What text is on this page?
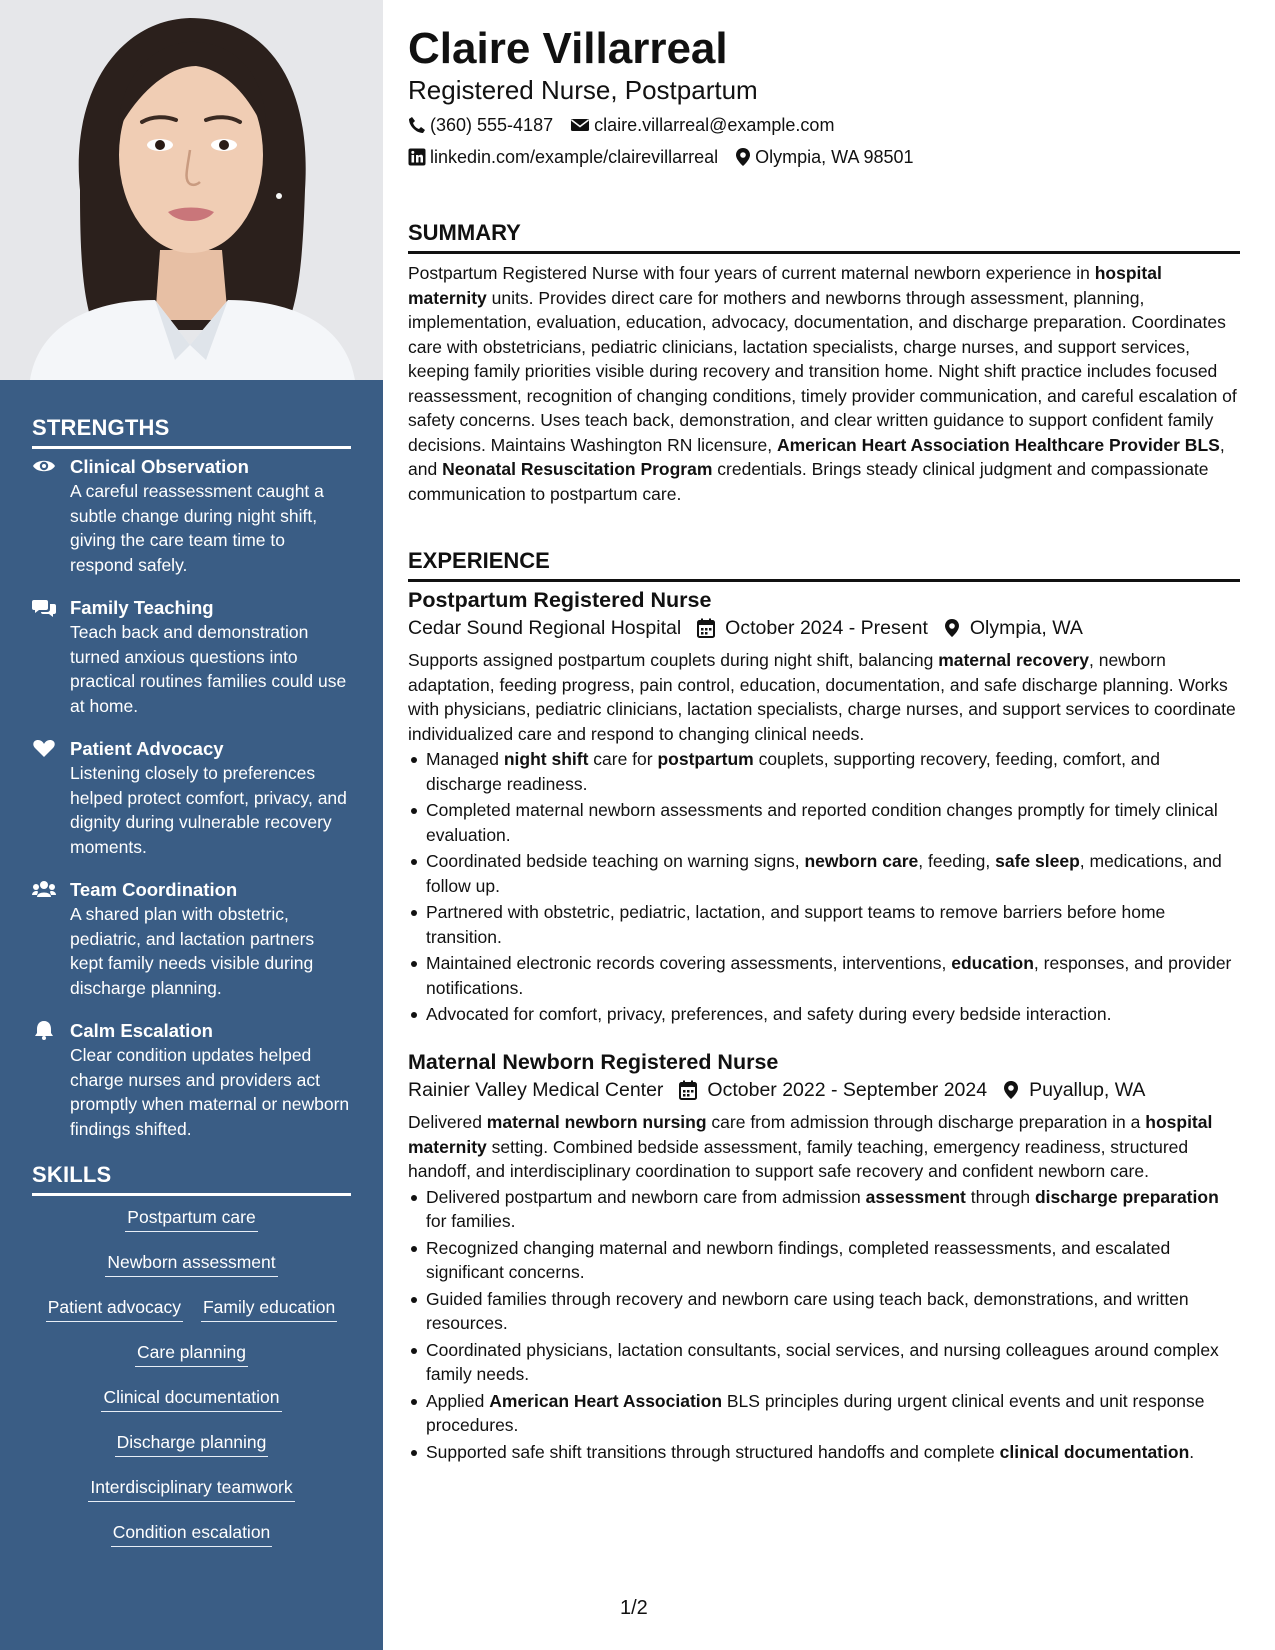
STRENGTHS
Clinical Observation
A careful reassessment caught a subtle change during night shift, giving the care team time to respond safely.
Family Teaching
Teach back and demonstration turned anxious questions into practical routines families could use at home.
Patient Advocacy
Listening closely to preferences helped protect comfort, privacy, and dignity during vulnerable recovery moments.
Team Coordination
A shared plan with obstetric, pediatric, and lactation partners kept family needs visible during discharge planning.
Calm Escalation
Clear condition updates helped charge nurses and providers act promptly when maternal or newborn findings shifted.
SKILLS
Postpartum care
Newborn assessment
Patient advocacy Family education
Care planning
Clinical documentation
Discharge planning
Interdisciplinary teamwork
Condition escalation
Claire Villarreal
Registered Nurse, Postpartum
(360) 555-4187 claire.villarreal@example.com
linkedin.com/example/clairevillarreal Olympia, WA 98501
SUMMARY

Postpartum Registered Nurse with four years of current maternal newborn experience in hospital maternity units. Provides direct care for mothers and newborns through assessment, planning, implementation, evaluation, education, advocacy, documentation, and discharge preparation. Coordinates care with obstetricians, pediatric clinicians, lactation specialists, charge nurses, and support services, keeping family priorities visible during recovery and transition home. Night shift practice includes focused reassessment, recognition of changing conditions, timely provider communication, and careful escalation of safety concerns. Uses teach back, demonstration, and clear written guidance to support confident family decisions. Maintains Washington RN licensure, American Heart Association Healthcare Provider BLS, and Neonatal Resuscitation Program credentials. Brings steady clinical judgment and compassionate communication to postpartum care.

EXPERIENCE
Postpartum Registered Nurse
Cedar Sound Regional Hospital October 2024 - Present Olympia, WA

Supports assigned postpartum couplets during night shift, balancing maternal recovery, newborn adaptation, feeding progress, pain control, education, documentation, and safe discharge planning. Works with physicians, pediatric clinicians, lactation specialists, charge nurses, and support services to coordinate individualized care and respond to changing clinical needs.

Managed night shift care for postpartum couplets, supporting recovery, feeding, comfort, and discharge readiness.
Completed maternal newborn assessments and reported condition changes promptly for timely clinical evaluation.
Coordinated bedside teaching on warning signs, newborn care, feeding, safe sleep, medications, and follow up.
Partnered with obstetric, pediatric, lactation, and support teams to remove barriers before home transition.
Maintained electronic records covering assessments, interventions, education, responses, and provider notifications.
Advocated for comfort, privacy, preferences, and safety during every bedside interaction.
Maternal Newborn Registered Nurse
Rainier Valley Medical Center October 2022 - September 2024 Puyallup, WA

Delivered maternal newborn nursing care from admission through discharge preparation in a hospital maternity setting. Combined bedside assessment, family teaching, emergency readiness, structured handoff, and interdisciplinary coordination to support safe recovery and confident newborn care.

Delivered postpartum and newborn care from admission assessment through discharge preparation for families.
Recognized changing maternal and newborn findings, completed reassessments, and escalated significant concerns.
Guided families through recovery and newborn care using teach back, demonstrations, and written resources.
Coordinated physicians, lactation consultants, social services, and nursing colleagues around complex family needs.
Applied American Heart Association BLS principles during urgent clinical events and unit response procedures.
Supported safe shift transitions through structured handoffs and complete clinical documentation.
1/2
